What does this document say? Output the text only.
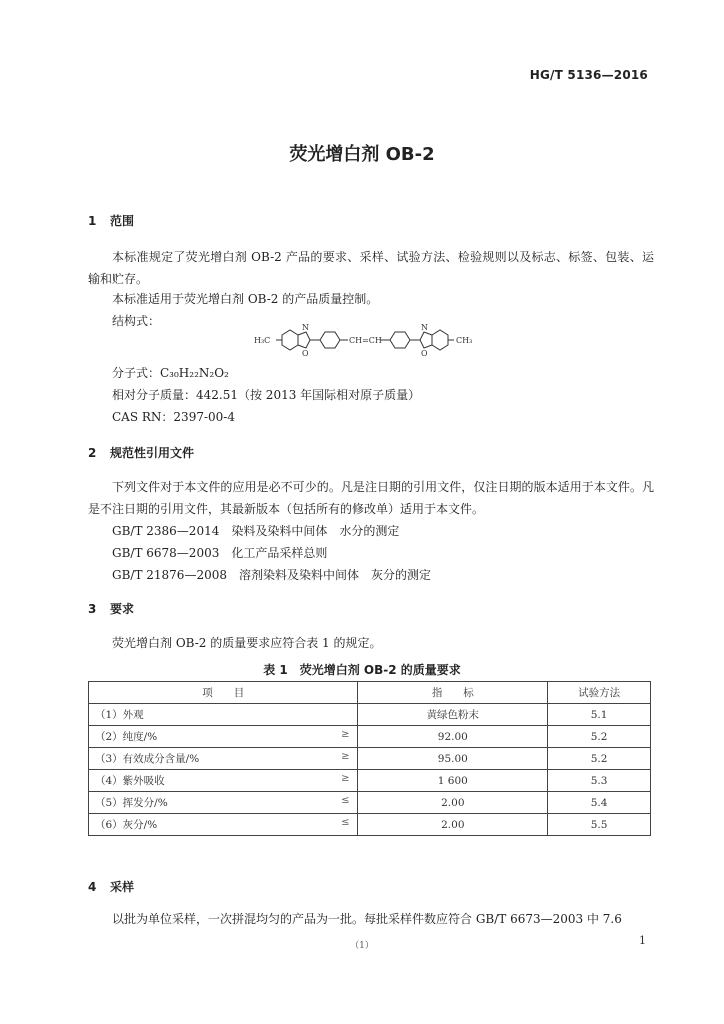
HG/T 5136—2016
荧光增白剂 OB-2
1 范围
本标准规定了荧光增白剂 OB-2 产品的要求、采样、试验方法、检验规则以及标志、标签、包装、运输和贮存。
本标准适用于荧光增白剂 OB-2 的产品质量控制。
结构式：
H₃C
N
O
CH=CH
N
O
CH₃
分子式：C₃₀H₂₂N₂O₂
相对分子质量：442.51（按 2013 年国际相对原子质量）
CAS RN：2397-00-4
2 规范性引用文件
下列文件对于本文件的应用是必不可少的。凡是注日期的引用文件，仅注日期的版本适用于本文件。凡是不注日期的引用文件，其最新版本（包括所有的修改单）适用于本文件。
GB/T 2386—2014　染料及染料中间体　水分的测定
GB/T 6678—2003　化工产品采样总则
GB/T 21876—2008　溶剂染料及染料中间体　灰分的测定
3 要求
荧光增白剂 OB-2 的质量要求应符合表 1 的规定。
表 1　荧光增白剂 OB-2 的质量要求
项　　目	指　　标	试验方法
（1）外观	黄绿色粉末	5.1
（2）纯度/% ≥	92.00	5.2
（3）有效成分含量/% ≥	95.00	5.2
（4）紫外吸收 ≥	1 600	5.3
（5）挥发分/% ≤	2.00	5.4
（6）灰分/% ≤	2.00	5.5
4 采样
以批为单位采样，一次拼混均匀的产品为一批。每批采样件数应符合 GB/T 6673—2003 中 7.6
（1）	1
